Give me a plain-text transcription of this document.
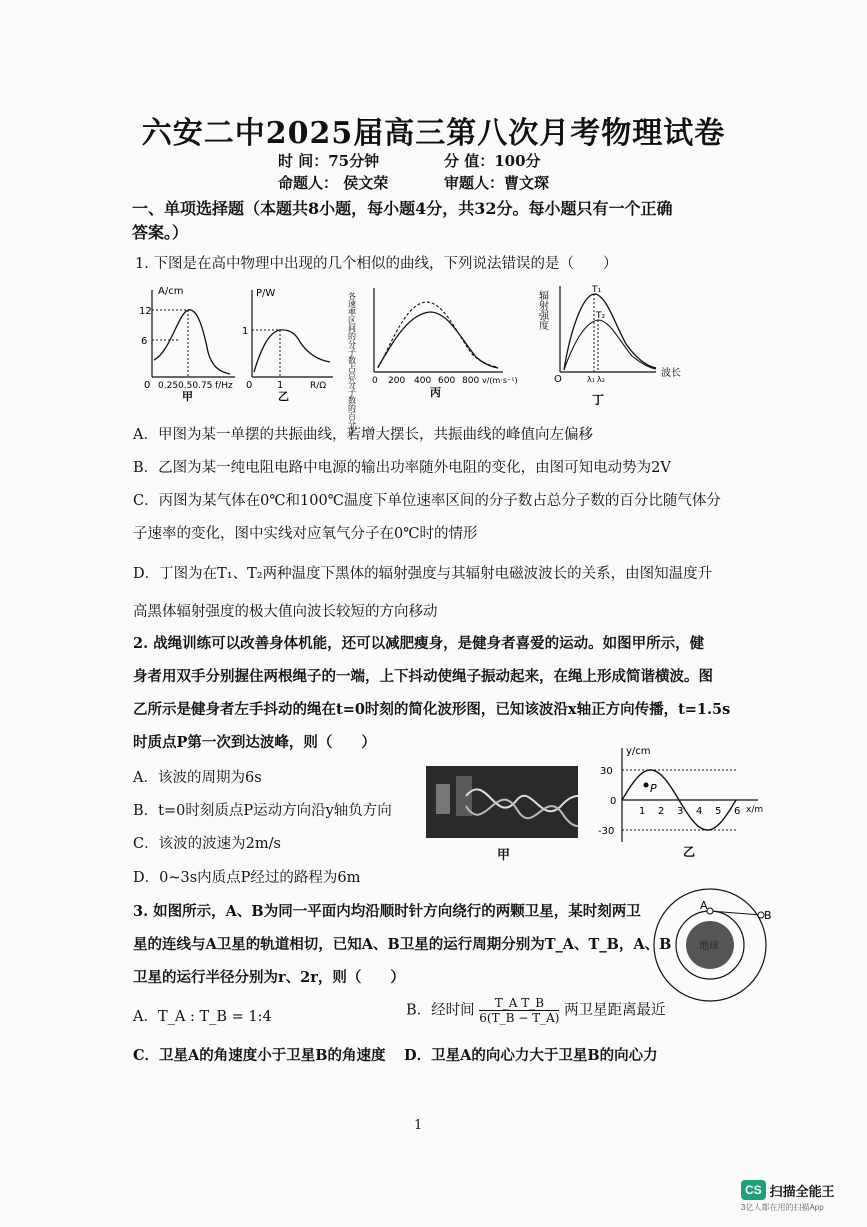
六安二中2025届高三第八次月考物理试卷
时 间：75分钟	分 值：100分
命题人： 侯文荣	审题人：曹文琛
一、单项选择题（本题共8小题，每小题4分，共32分。每小题只有一个正确
答案。）
1. 下图是在高中物理中出现的几个相似的曲线，下列说法错误的是（　　）
A/cm
12
6
0 0.250.50.75 f/Hz
甲
P/W
1
0 1	R/Ω
乙	各速率区间的分子数占总分子数的百分比 0 200 400 600 800 v/(m·s⁻¹)
丙
辐射强度	T₁
T₂
O	λ₁ λ₂
波长
丁
A．甲图为某一单摆的共振曲线，若增大摆长，共振曲线的峰值向左偏移
B．乙图为某一纯电阻电路中电源的输出功率随外电阻的变化，由图可知电动势为2V
C．丙图为某气体在0℃和100℃温度下单位速率区间的分子数占总分子数的百分比随气体分
子速率的变化，图中实线对应氧气分子在0℃时的情形
D．丁图为在T₁、T₂两种温度下黑体的辐射强度与其辐射电磁波波长的关系，由图知温度升
高黑体辐射强度的极大值向波长较短的方向移动
2. 战绳训练可以改善身体机能，还可以减肥瘦身，是健身者喜爱的运动。如图甲所示，健
身者用双手分别握住两根绳子的一端，上下抖动使绳子振动起来，在绳上形成简谐横波。图
乙所示是健身者左手抖动的绳在t=0时刻的简化波形图，已知该波沿x轴正方向传播，t=1.5s
时质点P第一次到达波峰，则（　　）
A．该波的周期为6s
B．t=0时刻质点P运动方向沿y轴负方向
C．该波的波速为2m/s
D．0~3s内质点P经过的路程为6m
甲
y/cm
30
0
-30
P
1 2 3 4 5 6 x/m
乙
3. 如图所示，A、B为同一平面内均沿顺时针方向绕行的两颗卫星，某时刻两卫
星的连线与A卫星的轨道相切，已知A、B卫星的运行周期分别为T_A、T_B，A、B
卫星的运行半径分别为r、2r，则（　　）
A．T_A : T_B = 1:4	B．经时间 $\frac{\text{T\_A T\_B}}{6(T\_B - T\_A)}$ 两卫星距离最近
C．卫星A的角速度小于卫星B的角速度 D．卫星A的向心力大于卫星B的向心力
A
B
地球
1
CS 扫描全能王
3亿人都在用的扫描App
